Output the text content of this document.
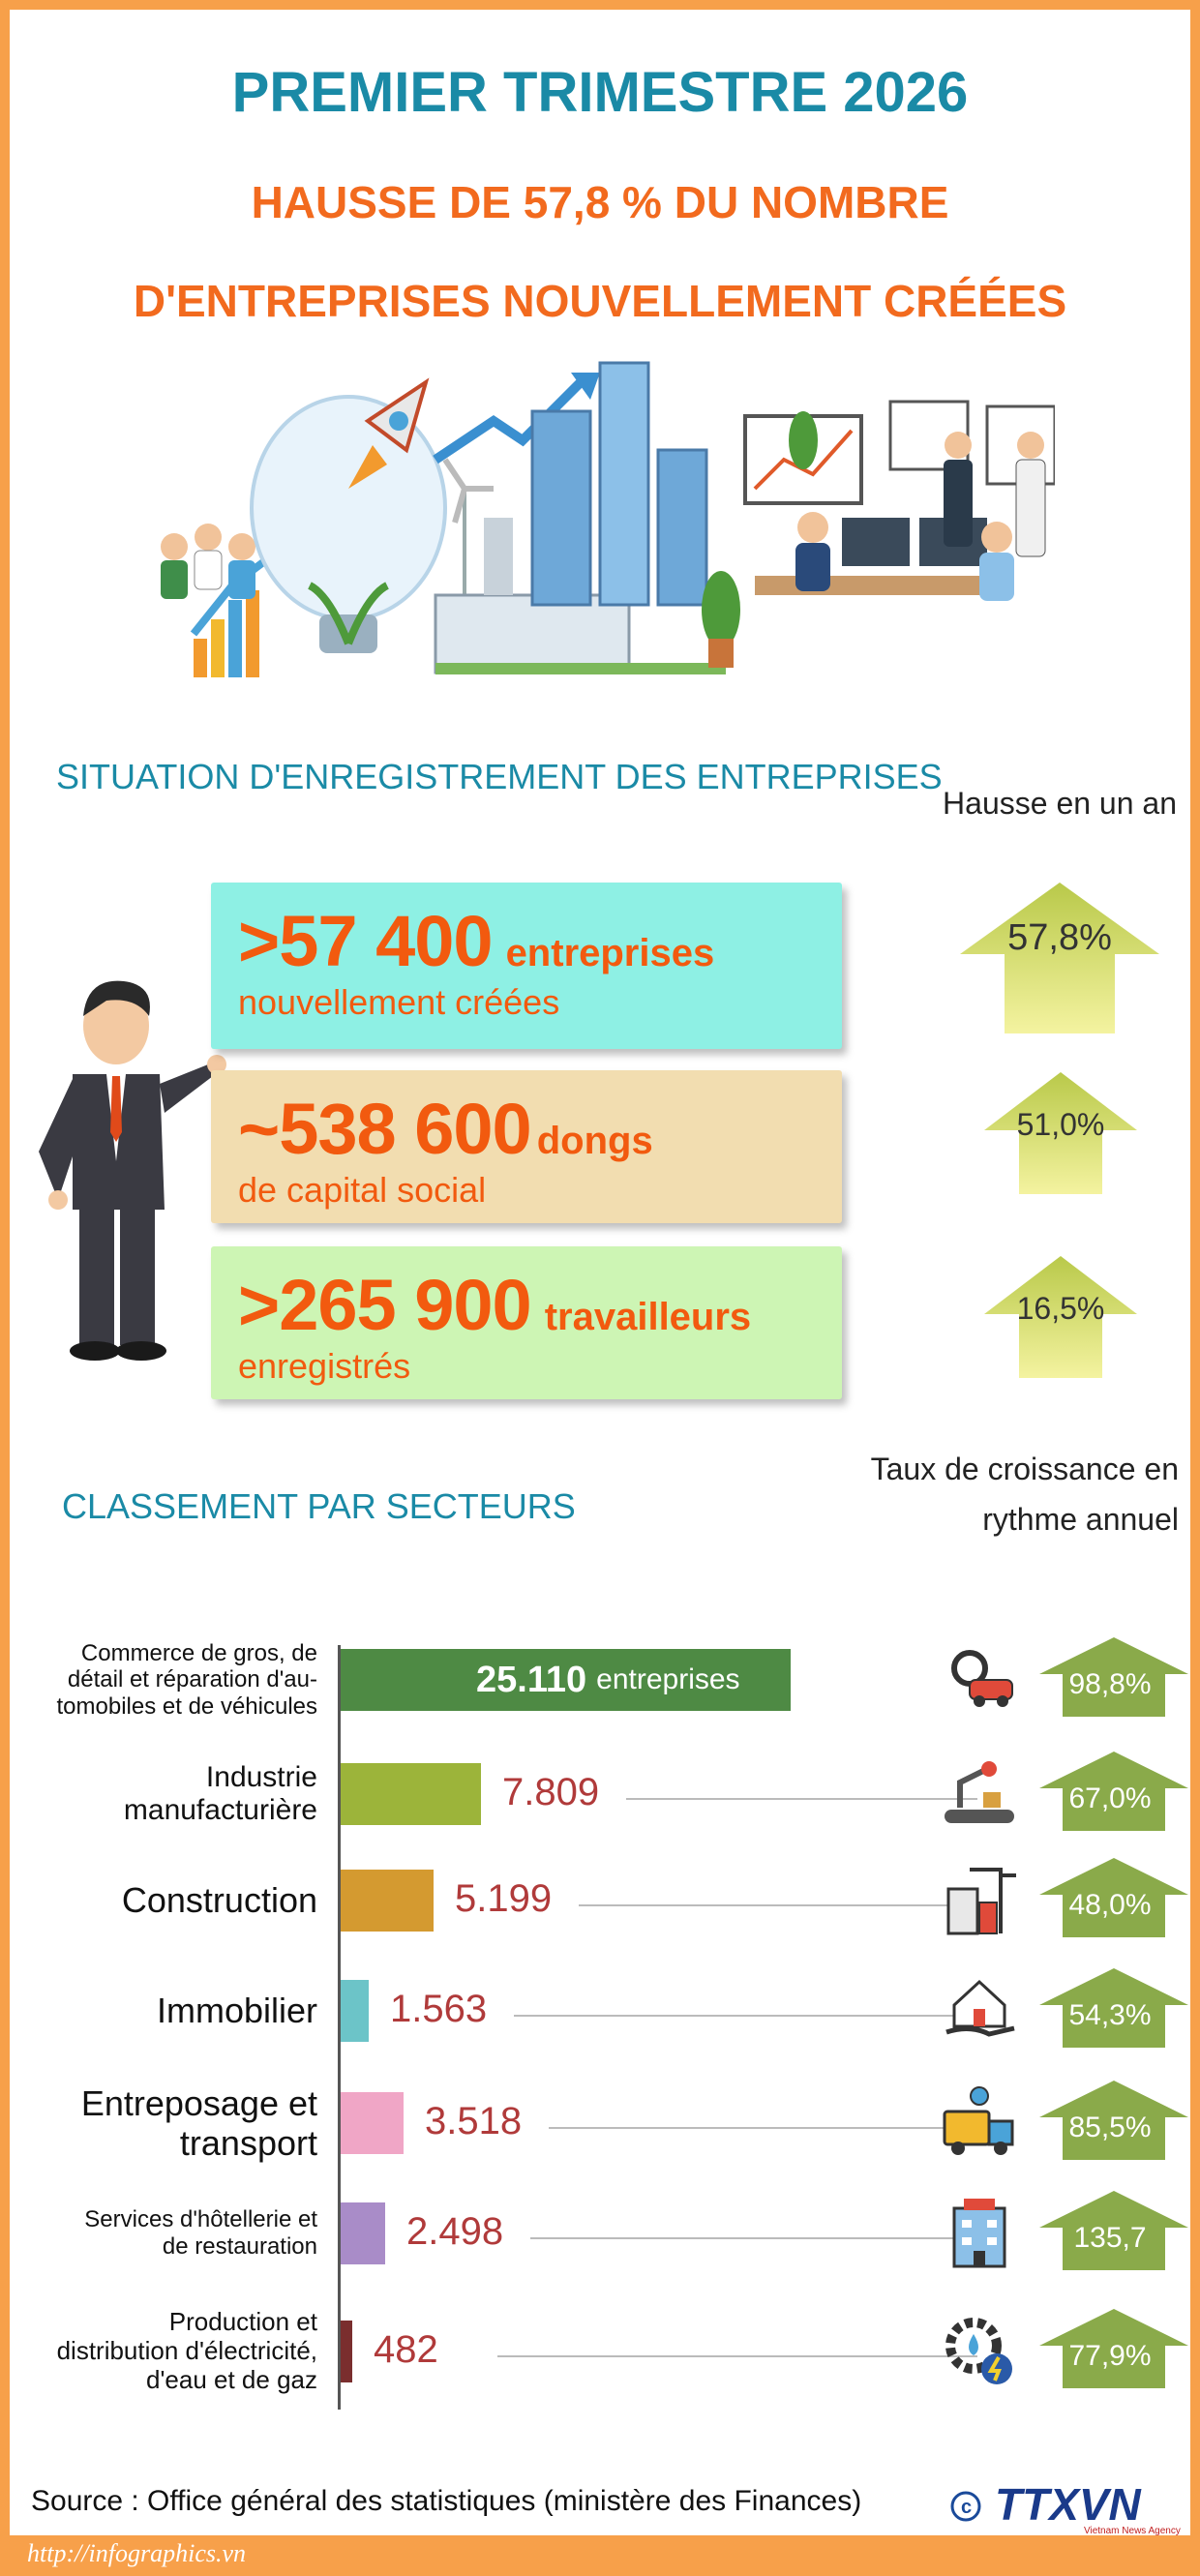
PREMIER TRIMESTRE 2026
HAUSSE DE 57,8 % DU NOMBRE
D'ENTREPRISES NOUVELLEMENT CRÉÉES
SITUATION D'ENREGISTREMENT DES ENTREPRISES
Hausse en un an
>57 400 entreprises
nouvellement créées
~538 600 dongs
de capital social
>265 900 travailleurs
enregistrés
57,8%
51,0%
16,5%
CLASSEMENT PAR SECTEURS
Taux de croissance en
rythme annuel
Commerce de gros, de
détail et réparation d'au-
tomobiles et de véhicules
25.110 entreprises	98,8%
Industrie
manufacturière	7.809	67,0%
Construction	5.199	48,0%
Immobilier 1.563	54,3%
Entreposage et
transport
3.518	85,5%
Services d'hôtellerie et
de restauration 2.498	135,7
Production et
distribution d'électricité,
d'eau et de gaz
482	77,9%
Source : Office général des statistiques (ministère des Finances)	c TTXVN
Vietnam News Agency
http://infographics.vn
